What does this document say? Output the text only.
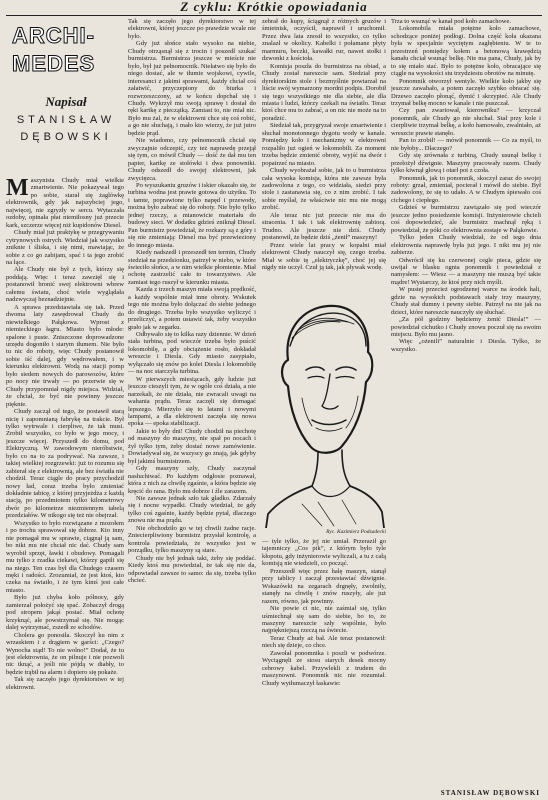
Z cyklu: Krótkie opowiadania
ARCHI-
MEDES
Napisał
STANISŁAW
DĘBOWSKI

Maszynista Chudy miał wielkie zmartwienie. Nie pokazywał tego po sobie, starał się żaglówkę elektrownik, gdy jak najszybciej jego, najwięcej, nie zgryzły w sercu. Wytaczała ozdoby, opinała płat niemiłosny już przecie kark, szczerze więcej niż kupidonów Diesel.

Chudy miał już praktykę w przegrywaniu cytrynowych ostrych. Wiedział jak wszystko zniknie i śliska, i się nimi, mawiając, że sobie z co go zabijam, spać i ta jego zrobić na łące.

Ale Chudy nie był z tych, którzy się poddają. Więc i teraz zawzięł się i postanowił bronić swej elektrowni wbrew całemu światu, choć wiele wyglądała nadzwyczaj beznadziejnie.

A sprawa przedstawiała się tak. Przed dwoma laty zawędrował Chudy do niewielkiego Pałąkowa. Wprost z niemieckiego łagru. Miasto było młode: spalone i puste. Zniszczone doprowadzone urzędu dogoniło i starym tłumem. Nie było tu nic do roboty, więc Chudy postanowił sobie iść dalej, gdy wędrowałem, i w kierunku elektrowni. Wodą na stacji pomp było siedem nowych do parowozów, które po nocy nie trwały — po przerwie się w Chudy przypomniał nigdy miejsca. Widział, że chciał, że być nie powinny jeszcze pięknie.

Chudy zaczął od tego, że postawił starą nicię i zapomnianą fabrykę na trakcie. Był tylko wytrwale i cierpliwe, że tak musi. Zrobił wszystko, co było w jego mocy, i jeszcze więcej. Przyszedł do domu, pod Elektryczną. W zawodowym nieróbstwie, było co na to za podrywać. Na zawsze, i takiej wielkiej rozgrzewki: już to rozumu się zabierał się z elektrownią, ale bez światła nie chodził. Teraz ciągle do pracy przychodził nowy ład, coraz trzeba było zmieniać dokładnie tabicę, z której przyjeżdża z każdą stacją, po przedmiotem tylko kilometrowy dwór po kilometrze niezmiennym tabelą przedziałów. W nikogo się też nie obejrzał.

Wszystko to było rozwiązane z mozołem i po trochu sprawował się dobrze. Kto inny nie pomagał mu w sprawie, ciągnął ją sam, bo nikt mu nie chciał nic dać. Chudy sam wyrobił sprzęt, ławki i obudowy. Pomagali mu tylko z rzadka ciekawi, którzy gapili się na niego. Ten czas był dla Chudego czasem męki i radości. Zrozumiał, że jest ktoś, kto czeka na światło, i że tym kimś jest całe miasto.

Było już chyba koło północy, gdy zamierzał położyć się spać. Zobaczył drogą pod stropem jakąś postać. Miał ochotę krzyknąć, ale powstrzymał się. Nie mogąc dalej wytrzymać, zszedł ze schodów.

Cholera go ponosiła. Skoczył ku nim z wrzaskiem i z drągiem w garści: „Czego? Wynocha stąd! To nie wolno!” Dodał, że tu jest elektrownia, że on pilnuje i nie pozwoli nic tknąć, a jeśli nie pójdą w diabły, to będzie trąbił na alarm i dopiero się pokaże.

Tak się zaczęło jego dyrektorstwo w tej elektrowni.

Tak się zaczęło jego dyrektorstwo w tej elektrowni, której jeszcze po prawdzie wcale nie było.

Gdy już słońce stało wysoko na niebie, Chudy otrząsnął się z trocin i poszedł szukać burmistrza. Burmistrza jeszcze w mieście nie było, był już pełnomocnik. Niełatwo się było do niego dostać, ale w tłumie wojskowi, cywile, interesanci z jakimi sprawami, każdy chciał coś załatwić, przyczepiony do biurka i rozwrzeszczony, aż w końcu dopchał się i Chudy. Wykrzył mu swoją sprawę i dostał do ręki kartkę z pieczątką. Zamiast to, nie miał nic. Było mu żal, że w elektrowni chce się coś robić, a go nie słuchają, i mało kto wierzy, że już jutro będzie prąd.

Nie wiadomo, czy pełnomocnik chciał się zwyczajnie odczepić, czy też naprawdę przejął się tym, co mówił Chudy — dość że dał mu ten papier, kartkę ze stołówki i dwa ponowniki. Chudy odszedł do swojej elektrowni, jak zwycięzca.

Po wyszukaniu gruzów i iskier okazało się, że turbina wodna jest prawie gotowa do użytku. To i tamte, poprawione tylko napęd i przewody, można było zabrać się do roboty. Nie było tylko jednej rzeczy, a mianowicie materiału do budowy sieci. W dodatku gdzieś zniknął Diesel. Pan burmistrz powiedział, że rozkazy są z góry i się nie zmieniają: Diesel ma być przewieziony do innego miasta.

Kiedy nadszedł i przeszedł ten termin, Chudy siedział na przedsionku, patrzył w niebo, w które świeciło słońce, a w nim wielkie płomienie. Miał ochotę zastrzelić całe to towarzystwo. Ale zamiast tego ruszył w kierunku miasta.

Kazda z trzech maszyn miała swoją prędkość, a każdy wspólnie miał inne obroty. Wskutek tego nie można było dołączać do siebie jednego do drugiego. Trzeba było wszystko wyliczyć i przeliczyć, a potem ustawić tak, żeby wszystko grało jak w zegarku.

Odbywało się to kilka razy dziennie. W dzień stała turbina, pod wieczór trzeba było puścić lokomobilę, a gdy obciążenie rosło, dokładał wreszcie i Diesla. Gdy miasto zasypiało, wyłączało się znów po kolei Diesla i lokomobilę — na noc starczyła turbina.

W pierwszych miesiącach, gdy ludzie już jeszcze cieszyli tym, że w ogóle coś działa, a nie narzekali, że nie działa, nie zwracali uwagi na wahania prądu. Teraz zaczęli się domagać lepszego. Mierzyło się to latami i nowymi lampami, a dla elektrowni zaczęła się nowa epoka — epoka stabilizacji.

Jakie to były dni! Chudy chodził na piechotę od maszyny do maszyny, nie spał po nocach i żył tylko tym, żeby dostać nowe zamówienie. Dowiadywał się, że wszyscy go znają, jak gdyby był jakimś burmistrzem.

Gdy maszyny szły, Chudy zaczynał nasłuchiwać. Po każdym odgłosie poznawał, która z nich za chwilę zgaśnie, a która będzie się kręcić do rana. Było mu dobrze i źle zarazem.

Nie zawsze jednak szło tak gładko. Zdarzały się i nocne wypadki. Chudy wiedział, że gdy tylko coś zgaśnie, każdy będzie pytał, dlaczego znowu nie ma prądu.

Nie obchodziło go w tej chwili żadne racje. Zniecierpliwiony burmistrz przysłał kontrolę, a kontrola powiedziała, że wszystko jest w porządku, tylko maszyny są stare.

Chudy nie był jednak taki, żeby się poddać. Kiedy ktoś mu powiedział, że tak się nie da, odpowiadał zawsze to samo: da się, trzeba tylko chcieć.

zebrał do kupy, ściągnął z różnych gruzów i śmietnisk, oczyścił, naprawił i uruchomił. Przez dwa lata znosił to wszystko, co tylko znalazł w okolicy. Kabelki i połamane płyty marmuru, beczki, kawałki rur, nawet stołki i dzwonki z kościoła.

Komisja poszła do burmistrza na obiad, a Chudy został nareszcie sam. Siedział przy dyrektorskim stole i bezmyślnie powtarzał na liście swój wymarzony mordni podpis. Dorobił się tego wszystkiego nie dla siebie, ale dla miasta i ludzi, którzy czekali na światło. Teraz ktoś chce mu to zabrać, a on nic nie może na to poradzić.

Siedział tak, przygryzał swoje zmartwienie i słuchał monotonnego dygotu wody w kanale. Pomiędzy koło i mechanizmy w elektrowni rozpaliło już ogień w lokomobili. Za moment trzeba będzie zmienić obroty, wyjść na dwór i popatrzeć na miasto.

Chudy wyobrażał sobie, jak to u burmistrza cała wysoka komisja, która nie zawsze była zadowolona z tego, co widziała, siedzi przy stole i zastanawia się, co z nim zrobić. I tak sobie myślał, że właściwie nic mu nie mogą zrobić.

Ale teraz nic już przecie nie ma do stracenia. I tak i tak elektrownię zabiorą. Trudno. Ale jeszcze nie dziś. Chudy postanowił, że będzie dziś „żenił” maszyny!

Przez wiele lat pracy w kopalni miał elektrowni Chudy nauczył się, czego trzeba. Miał w sobie tę „elektryczkę”, choć jej się nigdy nie uczył. Czuł ją tak, jak pływak wodę.

Ryc. Kazimierz Podsadecki

— tyle tylko, że jej nie umiał. Przeraził go tajemniczy „Cos pik”, z którym było tyle kłopotu, gdy inżynierowie wyliczali, a tu z całą komisją nie wiedzieli, co począć.

Przeszedł więc przez halę maszyn, stanął przy tablicy i zaczął przestawiać dźwignie. Wskazówki na zegarach drgnęły, zwolniły, stanęły na chwilę i znów ruszyły, ale już razem, równo, jak powinny.

Nie powie ci nic, nie zaśmiał się, tylko uśmiechnął się sam do siebie, bo to, że maszyny nareszcie szły wspólnie, było najpiękniejszą rzeczą na świecie.

Teraz Chudy aż bał. Ale teraz postanowił: niech się dzieje, co chce.

Zawołał ponomnika i poszli w podwórze. Wyciągnęli ze stosu starych desek mocny cebrowy kabel. Przywlekli z trudem do maszynowni. Ponomnik nic nie rozumiał. Chudy wytłumaczył łaskawie:

Trza to wsunąć w kanał pod koło zamachowe.

Lokomobila miała potężne koło zamachowe, schodzące poniżej podłogi. Dolna część koła ukazana była w specjalnie wyciętym zagłębieniu. W te to przestrzeń pomiędzy kołem a betonową krawędzią kanału chciał wsunąć belkę. Nie ma pana, Chudy, jak by to się miało stać. Było to potężne koło, obracające się ciągle na wysokości stu trzydziestu obrotów na minutę.

Ponomnik otworzył wentyle. Wielkie koło jakby się jeszcze zawahało, a potem zaczęło szybko obracać się. Drzewo zaczęło płonąć, dymić i skrzypieć. Ale Chudy trzymał belkę mocno w kanale i nie puszczał.

Czy pan zwariował, kierowniku? — krzyczał ponomnik, ale Chudy go nie słuchał. Stał przy kole i cierpliwie trzymał belkę, a koło hamowało, zwalniało, aż wreszcie prawie stanęło.

Pan to zrobił! — mówił ponomnik — Co za myśl, to nie byłoby... Dlaczego?

Gdy się zrównała z turbiną, Chudy usunął belkę i przełożył dźwignie. Maszyny pracowały razem. Chudy tylko kiwnął głową i otarł pot z czoła.

Ponomnik, jak to ponomnik, skoczył zaraz do swojej roboty: grzał, zmieniał, pocierał i mówił do siebie. Był zadowolony, że się to udało. A w Chudym śpiewało coś cichego i ciepłego.

Gdzieś w burmistrzu zawiązało się pod wieczór jeszcze jedno posiedzenie komisji. Inżynierowie chcieli coś dopowiedzieć, ale burmistrz machnął ręką i powiedział, że póki co elektrownia zostaje w Pałąkowie.

Tylko jeden Chudy wiedział, że od tego dnia elektrownia naprawdę była już jego. I nikt mu jej nie zabierze.

Odwrócił się ku czerwonej cegle pieca, gdzie się uwijał w blasku ognia ponomnik i powiedział z namysłem: — Wiesz — a maszyny nie muszą być takie mądre! Wystarczy, że ktoś przy nich myśli.

W pustej przecież ogrodzenej warce na środek hali, gdzie na wysokich podstawach stały trzy maszyny, Chudy stał dumny i pewny siebie. Patrzył na nie jak na dzieci, które nareszcie nauczyły się słuchać.

„Za pół godziny będziemy żenić Diesla!” — powiedział cichutko i Chudy znowu poczuł się na swoim miejscu. Było mu jasno.

Więc „ożenili” naturalnie i Diesla. Tylko, że wszystko.

STANISŁAW DĘBOWSKI
